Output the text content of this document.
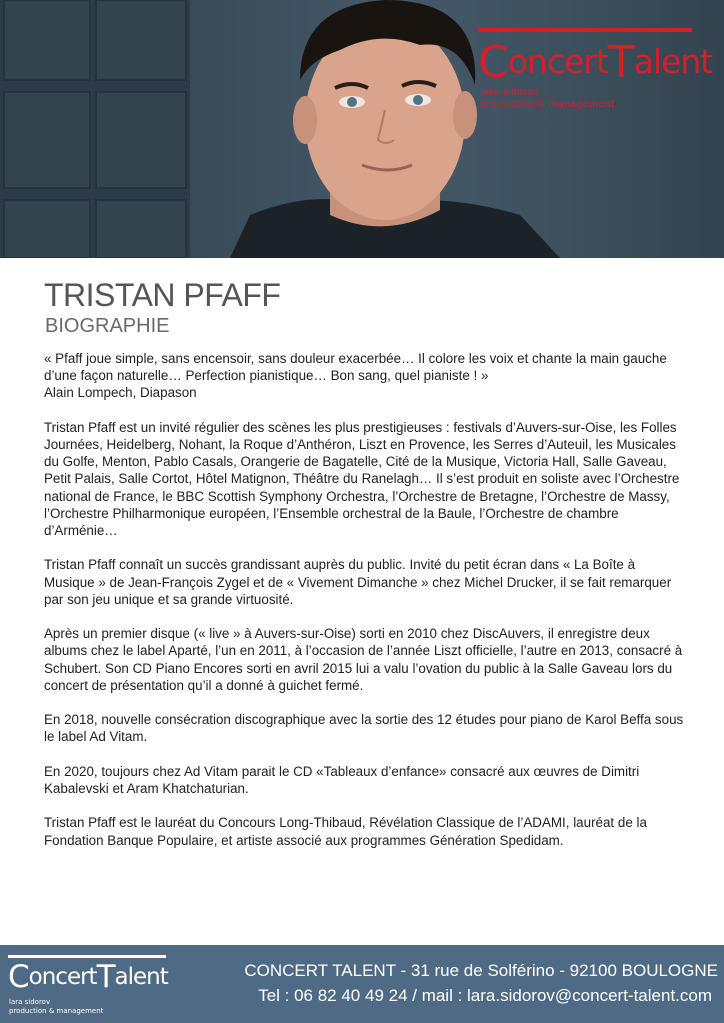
ConcertTalent
lara sidorov
production & management
TRISTAN PFAFF
BIOGRAPHIE

« Pfaff joue simple, sans encensoir, sans douleur exacerbée… Il colore les voix et chante la main gauche d’une façon naturelle… Perfection pianistique… Bon sang, quel pianiste ! »
Alain Lompech, Diapason

Tristan Pfaff est un invité régulier des scènes les plus prestigieuses : festivals d’Auvers-sur-Oise, les Folles Journées, Heidelberg, Nohant, la Roque d’Anthéron, Liszt en Provence, les Serres d’Auteuil, les Musicales du Golfe, Menton, Pablo Casals, Orangerie de Bagatelle, Cité de la Musique, Victoria Hall, Salle Gaveau, Petit Palais, Salle Cortot, Hôtel Matignon, Théâtre du Ranelagh… Il s’est produit en soliste avec l’Orchestre national de France, le BBC Scottish Symphony Orchestra, l’Orchestre de Bretagne, l’Orchestre de Massy, l’Orchestre Philharmonique européen, l’Ensemble orchestral de la Baule, l’Orchestre de chambre d’Arménie…

Tristan Pfaff connaît un succès grandissant auprès du public. Invité du petit écran dans « La Boîte à Musique » de Jean-François Zygel et de « Vivement Dimanche » chez Michel Drucker, il se fait remarquer par son jeu unique et sa grande virtuosité.

Après un premier disque (« live » à Auvers-sur-Oise) sorti en 2010 chez DiscAuvers, il enregistre deux albums chez le label Aparté, l’un en 2011, à l’occasion de l’année Liszt officielle, l’autre en 2013, consacré à Schubert. Son CD Piano Encores sorti en avril 2015 lui a valu l’ovation du public à la Salle Gaveau lors du concert de présentation qu’il a donné à guichet fermé.

En 2018, nouvelle consécration discographique avec la sortie des 12 études pour piano de Karol Beffa sous le label Ad Vitam.

En 2020, toujours chez Ad Vitam parait le CD «Tableaux d’enfance» consacré aux œuvres de Dimitri Kabalevski et Aram Khatchaturian.

Tristan Pfaff est le lauréat du Concours Long-Thibaud, Révélation Classique de l’ADAMI, lauréat de la Fondation Banque Populaire, et artiste associé aux programmes Génération Spedidam.

ConcertTalent
lara sidorov
production & management
CONCERT TALENT - 31 rue de Solférino - 92100 BOULOGNE
Tel : 06 82 40 49 24 / mail : lara.sidorov@concert-talent.com
